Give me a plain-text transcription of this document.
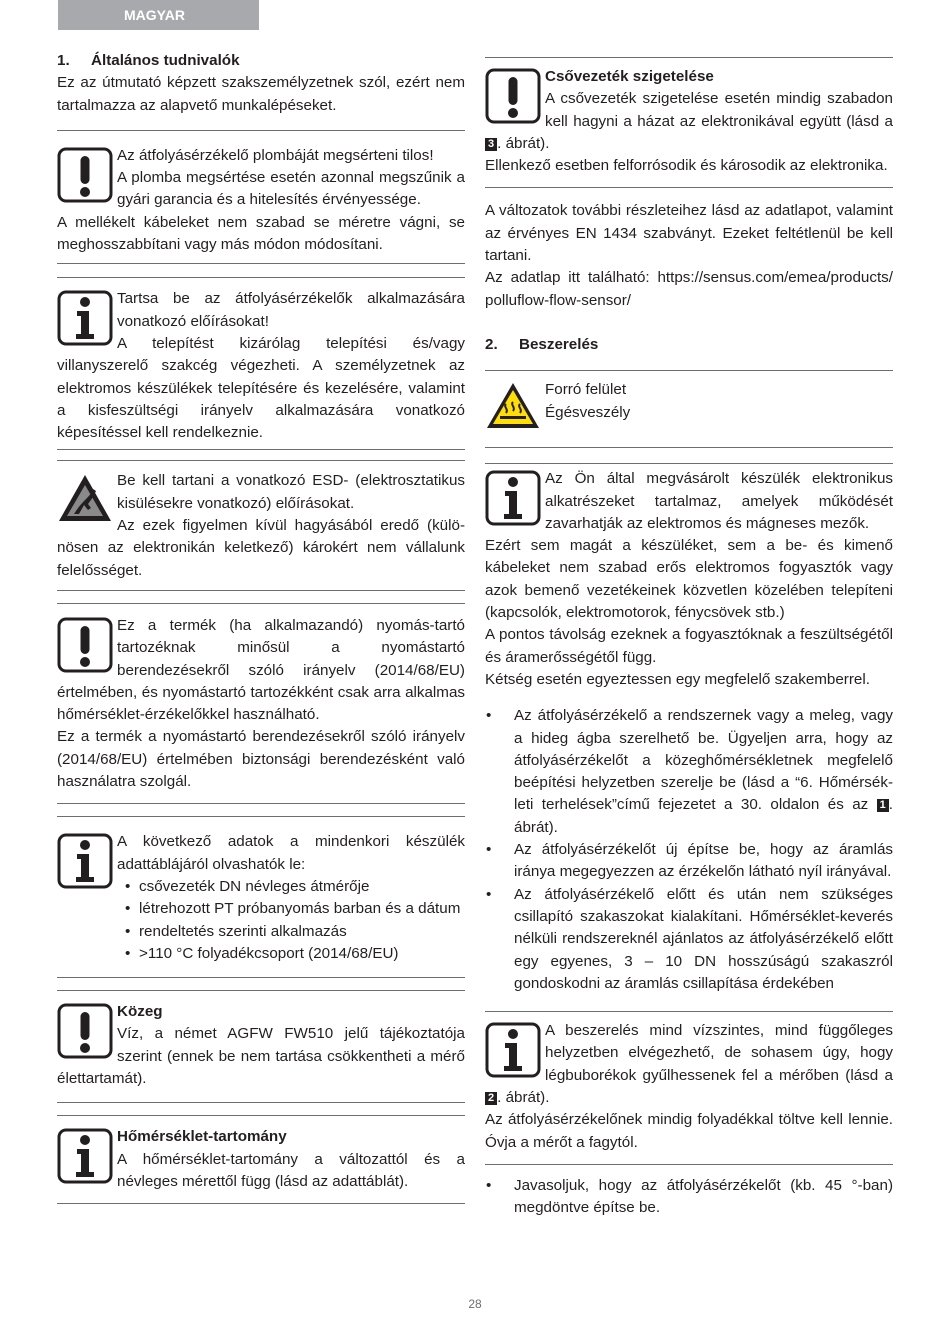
MAGYAR

1. Általános tudnivalók

Ez az útmutató képzett szakszemélyzetnek szól, ezért nem tartalmazza az alapvető munkalépéseket.

Az átfolyásérzékelő plombáját megsérteni tilos!

A plomba megsértése esetén azonnal megszűnik a gyári garancia és a hitelesítés érvényessége.

A mellékelt kábeleket nem szabad se méretre vágni, se meghosszabbítani vagy más módon módosítani.

Tartsa be az átfolyásérzékelők alkalmazására vonatkozó előírásokat!

A telepítést kizárólag telepítési és/vagy villanyszerelő szakcég végezheti. A személyzetnek az elektromos készülékek telepítésére és kezelésére, valamint a kisfeszültségi irányelv alkalmazására vonatkozó képesítéssel kell rendelkeznie.

Be kell tartani a vonatkozó ESD- (elektrosztatikus kisülésekre vonatkozó) előírásokat.

Az ezek figyelmen kívül hagyásából eredő (külö-nösen az elektronikán keletkező) károkért nem vállalunk felelősséget.

Ez a termék (ha alkalmazandó) nyomás-tartó tartozéknak minősül a nyomástartó berendezésekről szóló irányelv (2014/68/EU) értelmében, és nyomástartó tartozékként csak arra alkalmas hőmérséklet-érzékelőkkel használható.

Ez a termék a nyomástartó berendezésekről szóló irányelv (2014/68/EU) értelmében biztonsági berendezésként való használatra szolgál.

A következő adatok a mindenkori készülék adattáblájáról olvashatók le:

• csővezeték DN névleges átmérője
• létrehozott PT próbanyomás barban és a dátum
• rendeltetés szerinti alkalmazás
• >110 °C folyadékcsoport (2014/68/EU)

Közeg

Víz, a német AGFW FW510 jelű tájékoztatója szerint (ennek be nem tartása csökkentheti a mérő élettartamát).

Hőmérséklet-tartomány

A hőmérséklet-tartomány a változattól és a névleges mérettől függ (lásd az adattáblát).

Csővezeték szigetelése

A csővezeték szigetelése esetén mindig szabadon kell hagyni a házat az elektronikával együtt (lásd a 3 . ábrát).

Ellenkező esetben felforrósodik és károsodik az elektronika.

A változatok további részleteihez lásd az adatlapot, valamint az érvényes EN 1434 szabványt. Ezeket feltétlenül be kell tartani.

Az adatlap itt található: https://sensus.com/emea/products/ polluflow-flow-sensor/

2. Beszerelés

Forró felület

Égésveszély

Az Ön által megvásárolt készülék elektronikus alkatrészeket tartalmaz, amelyek működését zavarhatják az elektromos és mágneses mezők.

Ezért sem magát a készüléket, sem a be- és kimenő kábeleket nem szabad erős elektromos fogyasztók vagy azok bemenő vezetékeinek közvetlen közelében telepíteni (kapcsolók, elektromotorok, fénycsövek stb.)

A pontos távolság ezeknek a fogyasztóknak a feszültségétől és áramerősségétől függ.

Kétség esetén egyeztessen egy megfelelő szakemberrel.

• Az átfolyásérzékelő a rendszernek vagy a meleg, vagy a hideg ágba szerelhető be. Ügyeljen arra, hogy az átfolyásérzékelőt a közeghőmérsékletnek megfelelő beépítési helyzetben szerelje be (lásd a “6. Hőmérsék-leti terhelések”című fejezetet a 30. oldalon és az 1 . ábrát).
• Az átfolyásérzékelőt új építse be, hogy az áramlás iránya megegyezzen az érzékelőn látható nyíl irányával.
• Az átfolyásérzékelő előtt és után nem szükséges csillapító szakaszokat kialakítani. Hőmérséklet-keverés nélküli rendszereknél ajánlatos az átfolyásérzékelő előtt egy egyenes, 3 – 10 DN hosszúságú szakaszról gondoskodni az áramlás csillapítása érdekében

A beszerelés mind vízszintes, mind függőleges helyzetben elvégezhető, de sohasem úgy, hogy légbuborékok gyűlhessenek fel a mérőben (lásd a 2 . ábrát).

Az átfolyásérzékelőnek mindig folyadékkal töltve kell lennie. Óvja a mérőt a fagytól.

• Javasoljuk, hogy az átfolyásérzékelőt (kb. 45 °-ban) megdöntve építse be.
28
